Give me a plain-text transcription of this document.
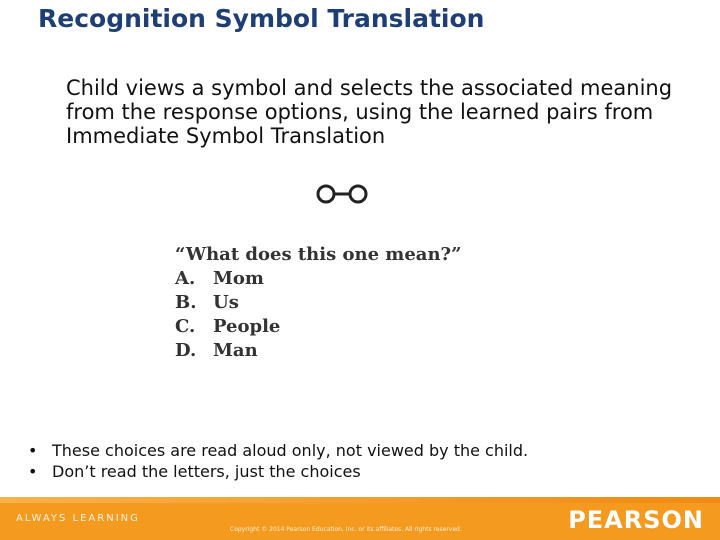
Recognition Symbol Translation
Child views a symbol and selects the associated meaning from the response options, using the learned pairs from Immediate Symbol Translation
“What does this one mean?”
A. Mom
B. Us
C. People
D. Man
• These choices are read aloud only, not viewed by the child.
• Don’t read the letters, just the choices
ALWAYS LEARNING
Copyright © 2014 Pearson Education, Inc. or its affiliates. All rights reserved.	PEARSON
